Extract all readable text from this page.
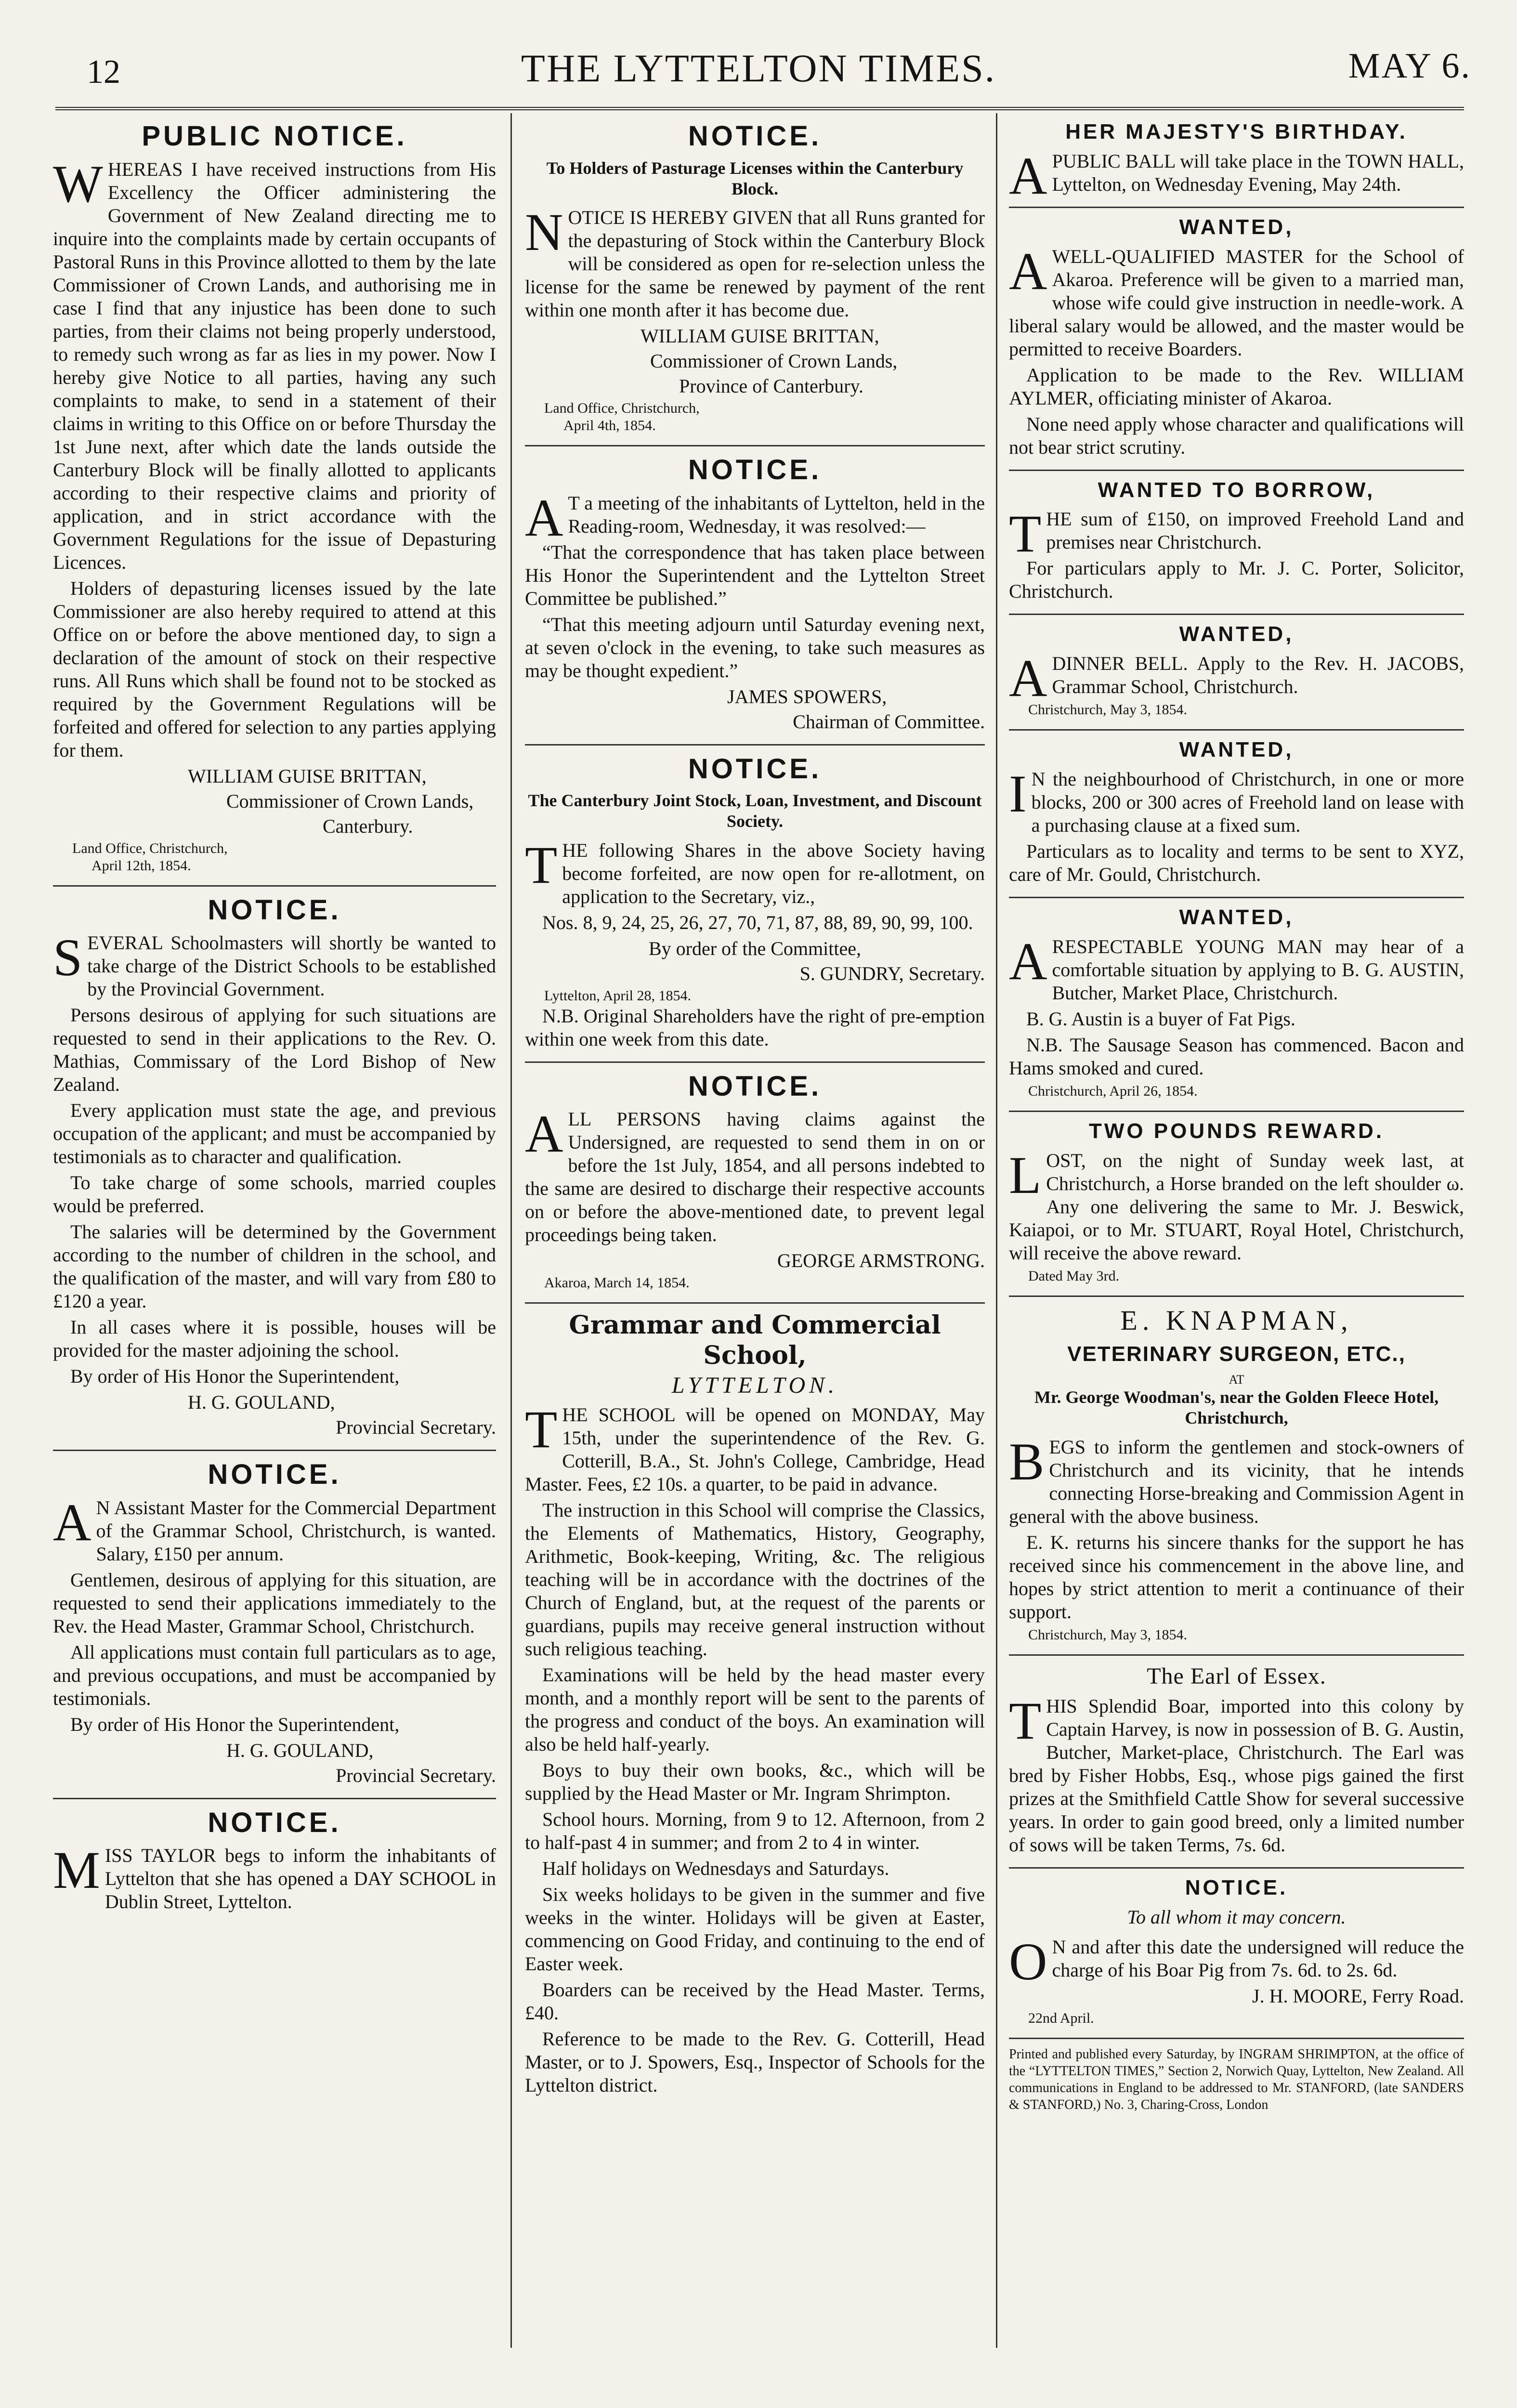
12	THE LYTTELTON TIMES.	MAY 6.
PUBLIC NOTICE.

WHEREAS I have received instructions from His Excellency the Officer administering the Government of New Zealand directing me to inquire into the complaints made by certain occupants of Pastoral Runs in this Province allotted to them by the late Commissioner of Crown Lands, and authorising me in case I find that any injustice has been done to such parties, from their claims not being properly understood, to remedy such wrong as far as lies in my power. Now I hereby give Notice to all parties, having any such complaints to make, to send in a statement of their claims in writing to this Office on or before Thursday the 1st June next, after which date the lands outside the Canterbury Block will be finally allotted to applicants according to their respective claims and priority of application, and in strict accordance with the Government Regulations for the issue of Depasturing Licences.

Holders of depasturing licenses issued by the late Commissioner are also hereby required to attend at this Office on or before the above mentioned day, to sign a declaration of the amount of stock on their respective runs. All Runs which shall be found not to be stocked as required by the Government Regulations will be forfeited and offered for selection to any parties applying for them.

WILLIAM GUISE BRITTAN,
Commissioner of Crown Lands,
Canterbury.
Land Office, Christchurch,
April 12th, 1854.
NOTICE.

SEVERAL Schoolmasters will shortly be wanted to take charge of the District Schools to be established by the Provincial Government.

Persons desirous of applying for such situations are requested to send in their applications to the Rev. O. Mathias, Commissary of the Lord Bishop of New Zealand.

Every application must state the age, and previous occupation of the applicant; and must be accompanied by testimonials as to character and qualification.

To take charge of some schools, married couples would be preferred.

The salaries will be determined by the Government according to the number of children in the school, and the qualification of the master, and will vary from £80 to £120 a year.

In all cases where it is possible, houses will be provided for the master adjoining the school.

By order of His Honor the Superintendent,

H. G. GOULAND,
Provincial Secretary.
NOTICE.

AN Assistant Master for the Commercial Department of the Grammar School, Christchurch, is wanted. Salary, £150 per annum.

Gentlemen, desirous of applying for this situation, are requested to send their applications immediately to the Rev. the Head Master, Grammar School, Christchurch.

All applications must contain full particulars as to age, and previous occupations, and must be accompanied by testimonials.

By order of His Honor the Superintendent,

H. G. GOULAND,
Provincial Secretary.
NOTICE.

MISS TAYLOR begs to inform the inhabitants of Lyttelton that she has opened a DAY SCHOOL in Dublin Street, Lyttelton.

NOTICE.
To Holders of Pasturage Licenses within the Canterbury Block.

NOTICE IS HEREBY GIVEN that all Runs granted for the depasturing of Stock within the Canterbury Block will be considered as open for re-selection unless the license for the same be renewed by payment of the rent within one month after it has become due.

WILLIAM GUISE BRITTAN,
Commissioner of Crown Lands,
Province of Canterbury.
Land Office, Christchurch,
April 4th, 1854.
NOTICE.

AT a meeting of the inhabitants of Lyttelton, held in the Reading-room, Wednesday, it was resolved:—

“That the correspondence that has taken place between His Honor the Superintendent and the Lyttelton Street Committee be published.”

“That this meeting adjourn until Saturday evening next, at seven o'clock in the evening, to take such measures as may be thought expedient.”

JAMES SPOWERS,
Chairman of Committee.
NOTICE.
The Canterbury Joint Stock, Loan, Investment, and Discount Society.

THE following Shares in the above Society having become forfeited, are now open for re-allotment, on application to the Secretary, viz.,

Nos. 8, 9, 24, 25, 26, 27, 70, 71, 87, 88, 89, 90, 99, 100.

By order of the Committee,
S. GUNDRY, Secretary.
Lyttelton, April 28, 1854.

N.B. Original Shareholders have the right of pre-emption within one week from this date.

NOTICE.

ALL PERSONS having claims against the Undersigned, are requested to send them in on or before the 1st July, 1854, and all persons indebted to the same are desired to discharge their respective accounts on or before the above-mentioned date, to prevent legal proceedings being taken.

GEORGE ARMSTRONG.
Akaroa, March 14, 1854.
Grammar and Commercial School,
LYTTELTON.

THE SCHOOL will be opened on MONDAY, May 15th, under the superintendence of the Rev. G. Cotterill, B.A., St. John's College, Cambridge, Head Master. Fees, £2 10s. a quarter, to be paid in advance.

The instruction in this School will comprise the Classics, the Elements of Mathematics, History, Geography, Arithmetic, Book-keeping, Writing, &c. The religious teaching will be in accordance with the doctrines of the Church of England, but, at the request of the parents or guardians, pupils may receive general instruction without such religious teaching.

Examinations will be held by the head master every month, and a monthly report will be sent to the parents of the progress and conduct of the boys. An examination will also be held half-yearly.

Boys to buy their own books, &c., which will be supplied by the Head Master or Mr. Ingram Shrimpton.

School hours. Morning, from 9 to 12. Afternoon, from 2 to half-past 4 in summer; and from 2 to 4 in winter.

Half holidays on Wednesdays and Saturdays.

Six weeks holidays to be given in the summer and five weeks in the winter. Holidays will be given at Easter, commencing on Good Friday, and continuing to the end of Easter week.

Boarders can be received by the Head Master. Terms, £40.

Reference to be made to the Rev. G. Cotterill, Head Master, or to J. Spowers, Esq., Inspector of Schools for the Lyttelton district.

HER MAJESTY'S BIRTHDAY.

APUBLIC BALL will take place in the TOWN HALL, Lyttelton, on Wednesday Evening, May 24th.

WANTED,

AWELL-QUALIFIED MASTER for the School of Akaroa. Preference will be given to a married man, whose wife could give instruction in needle-work. A liberal salary would be allowed, and the master would be permitted to receive Boarders.

Application to be made to the Rev. WILLIAM AYLMER, officiating minister of Akaroa.

None need apply whose character and qualifications will not bear strict scrutiny.

WANTED TO BORROW,

THE sum of £150, on improved Freehold Land and premises near Christchurch.

For particulars apply to Mr. J. C. Porter, Solicitor, Christchurch.

WANTED,

ADINNER BELL. Apply to the Rev. H. JACOBS, Grammar School, Christchurch.

Christchurch, May 3, 1854.
WANTED,

IN the neighbourhood of Christchurch, in one or more blocks, 200 or 300 acres of Freehold land on lease with a purchasing clause at a fixed sum.

Particulars as to locality and terms to be sent to XYZ, care of Mr. Gould, Christchurch.

WANTED,

ARESPECTABLE YOUNG MAN may hear of a comfortable situation by applying to B. G. AUSTIN, Butcher, Market Place, Christchurch.

B. G. Austin is a buyer of Fat Pigs.

N.B. The Sausage Season has commenced. Bacon and Hams smoked and cured.

Christchurch, April 26, 1854.
TWO POUNDS REWARD.

LOST, on the night of Sunday week last, at Christchurch, a Horse branded on the left shoulder ω. Any one delivering the same to Mr. J. Beswick, Kaiapoi, or to Mr. STUART, Royal Hotel, Christchurch, will receive the above reward.

Dated May 3rd.
E. KNAPMAN,
VETERINARY SURGEON, ETC.,
AT
Mr. George Woodman's, near the Golden Fleece Hotel, Christchurch,

BEGS to inform the gentlemen and stock-owners of Christchurch and its vicinity, that he intends connecting Horse-breaking and Commission Agent in general with the above business.

E. K. returns his sincere thanks for the support he has received since his commencement in the above line, and hopes by strict attention to merit a continuance of their support.

Christchurch, May 3, 1854.
The Earl of Essex.

THIS Splendid Boar, imported into this colony by Captain Harvey, is now in possession of B. G. Austin, Butcher, Market-place, Christchurch. The Earl was bred by Fisher Hobbs, Esq., whose pigs gained the first prizes at the Smithfield Cattle Show for several successive years. In order to gain good breed, only a limited number of sows will be taken Terms, 7s. 6d.

NOTICE.
To all whom it may concern.

ON and after this date the undersigned will reduce the charge of his Boar Pig from 7s. 6d. to 2s. 6d.

J. H. MOORE, Ferry Road.
22nd April.
Printed and published every Saturday, by INGRAM SHRIMPTON, at the office of the “LYTTELTON TIMES,” Section 2, Norwich Quay, Lyttelton, New Zealand. All communications in England to be addressed to Mr. STANFORD, (late SANDERS & STANFORD,) No. 3, Charing-Cross, London
